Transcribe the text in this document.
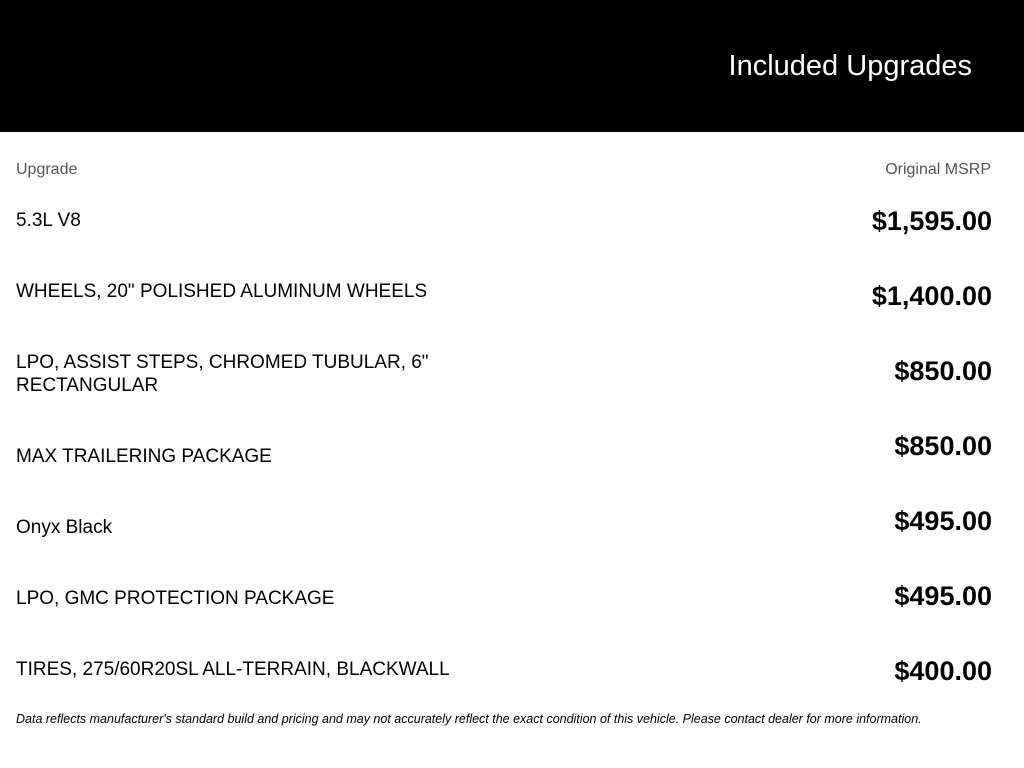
Included Upgrades
Upgrade	Original MSRP
5.3L V8	$1,595.00
WHEELS, 20" POLISHED ALUMINUM WHEELS	$1,400.00
LPO, ASSIST STEPS, CHROMED TUBULAR, 6" RECTANGULAR	$850.00
MAX TRAILERING PACKAGE	$850.00
Onyx Black	$495.00
LPO, GMC PROTECTION PACKAGE	$495.00
TIRES, 275/60R20SL ALL-TERRAIN, BLACKWALL	$400.00
Data reflects manufacturer's standard build and pricing and may not accurately reflect the exact condition of this vehicle. Please contact dealer for more information.
